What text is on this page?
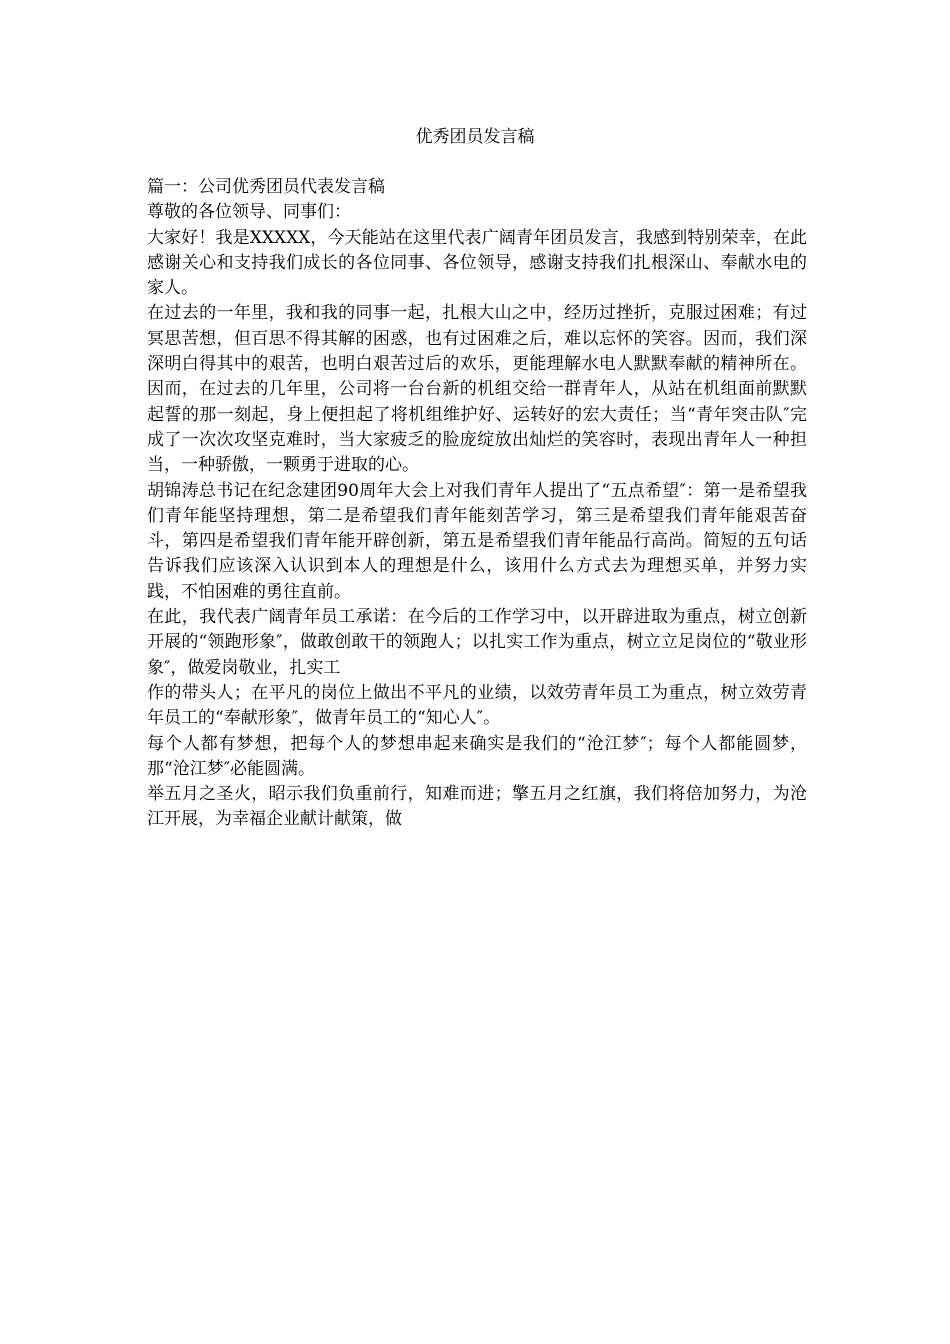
优秀团员发言稿

篇一：公司优秀团员代表发言稿

尊敬的各位领导、同事们：

大家好！我是XXXXX，今天能站在这里代表广阔青年团员发言，我感到特别荣幸，在此感谢关心和支持我们成长的各位同事、各位领导，感谢支持我们扎根深山、奉献水电的家人。

在过去的一年里，我和我的同事一起，扎根大山之中，经历过挫折，克服过困难；有过冥思苦想，但百思不得其解的困惑，也有过困难之后，难以忘怀的笑容。因而，我们深深明白得其中的艰苦，也明白艰苦过后的欢乐，更能理解水电人默默奉献的精神所在。因而，在过去的几年里，公司将一台台新的机组交给一群青年人，从站在机组面前默默起誓的那一刻起，身上便担起了将机组维护好、运转好的宏大责任；当“青年突击队″完成了一次次攻坚克难时，当大家疲乏的脸庞绽放出灿烂的笑容时，表现出青年人一种担当，一种骄傲，一颗勇于进取的心。

胡锦涛总书记在纪念建团90周年大会上对我们青年人提出了“五点希望″：第一是希望我们青年能坚持理想，第二是希望我们青年能刻苦学习，第三是希望我们青年能艰苦奋斗，第四是希望我们青年能开辟创新，第五是希望我们青年能品行高尚。简短的五句话告诉我们应该深入认识到本人的理想是什么，该用什么方式去为理想买单，并努力实践，不怕困难的勇往直前。

在此，我代表广阔青年员工承诺：在今后的工作学习中，以开辟进取为重点，树立创新开展的“领跑形象″，做敢创敢干的领跑人；以扎实工作为重点，树立立足岗位的“敬业形象″，做爱岗敬业，扎实工

作的带头人；在平凡的岗位上做出不平凡的业绩，以效劳青年员工为重点，树立效劳青年员工的“奉献形象″，做青年员工的“知心人″。

每个人都有梦想，把每个人的梦想串起来确实是我们的“沧江梦″；每个人都能圆梦，那“沧江梦″必能圆满。

举五月之圣火，昭示我们负重前行，知难而进；擎五月之红旗，我们将倍加努力，为沧江开展，为幸福企业献计献策，做
